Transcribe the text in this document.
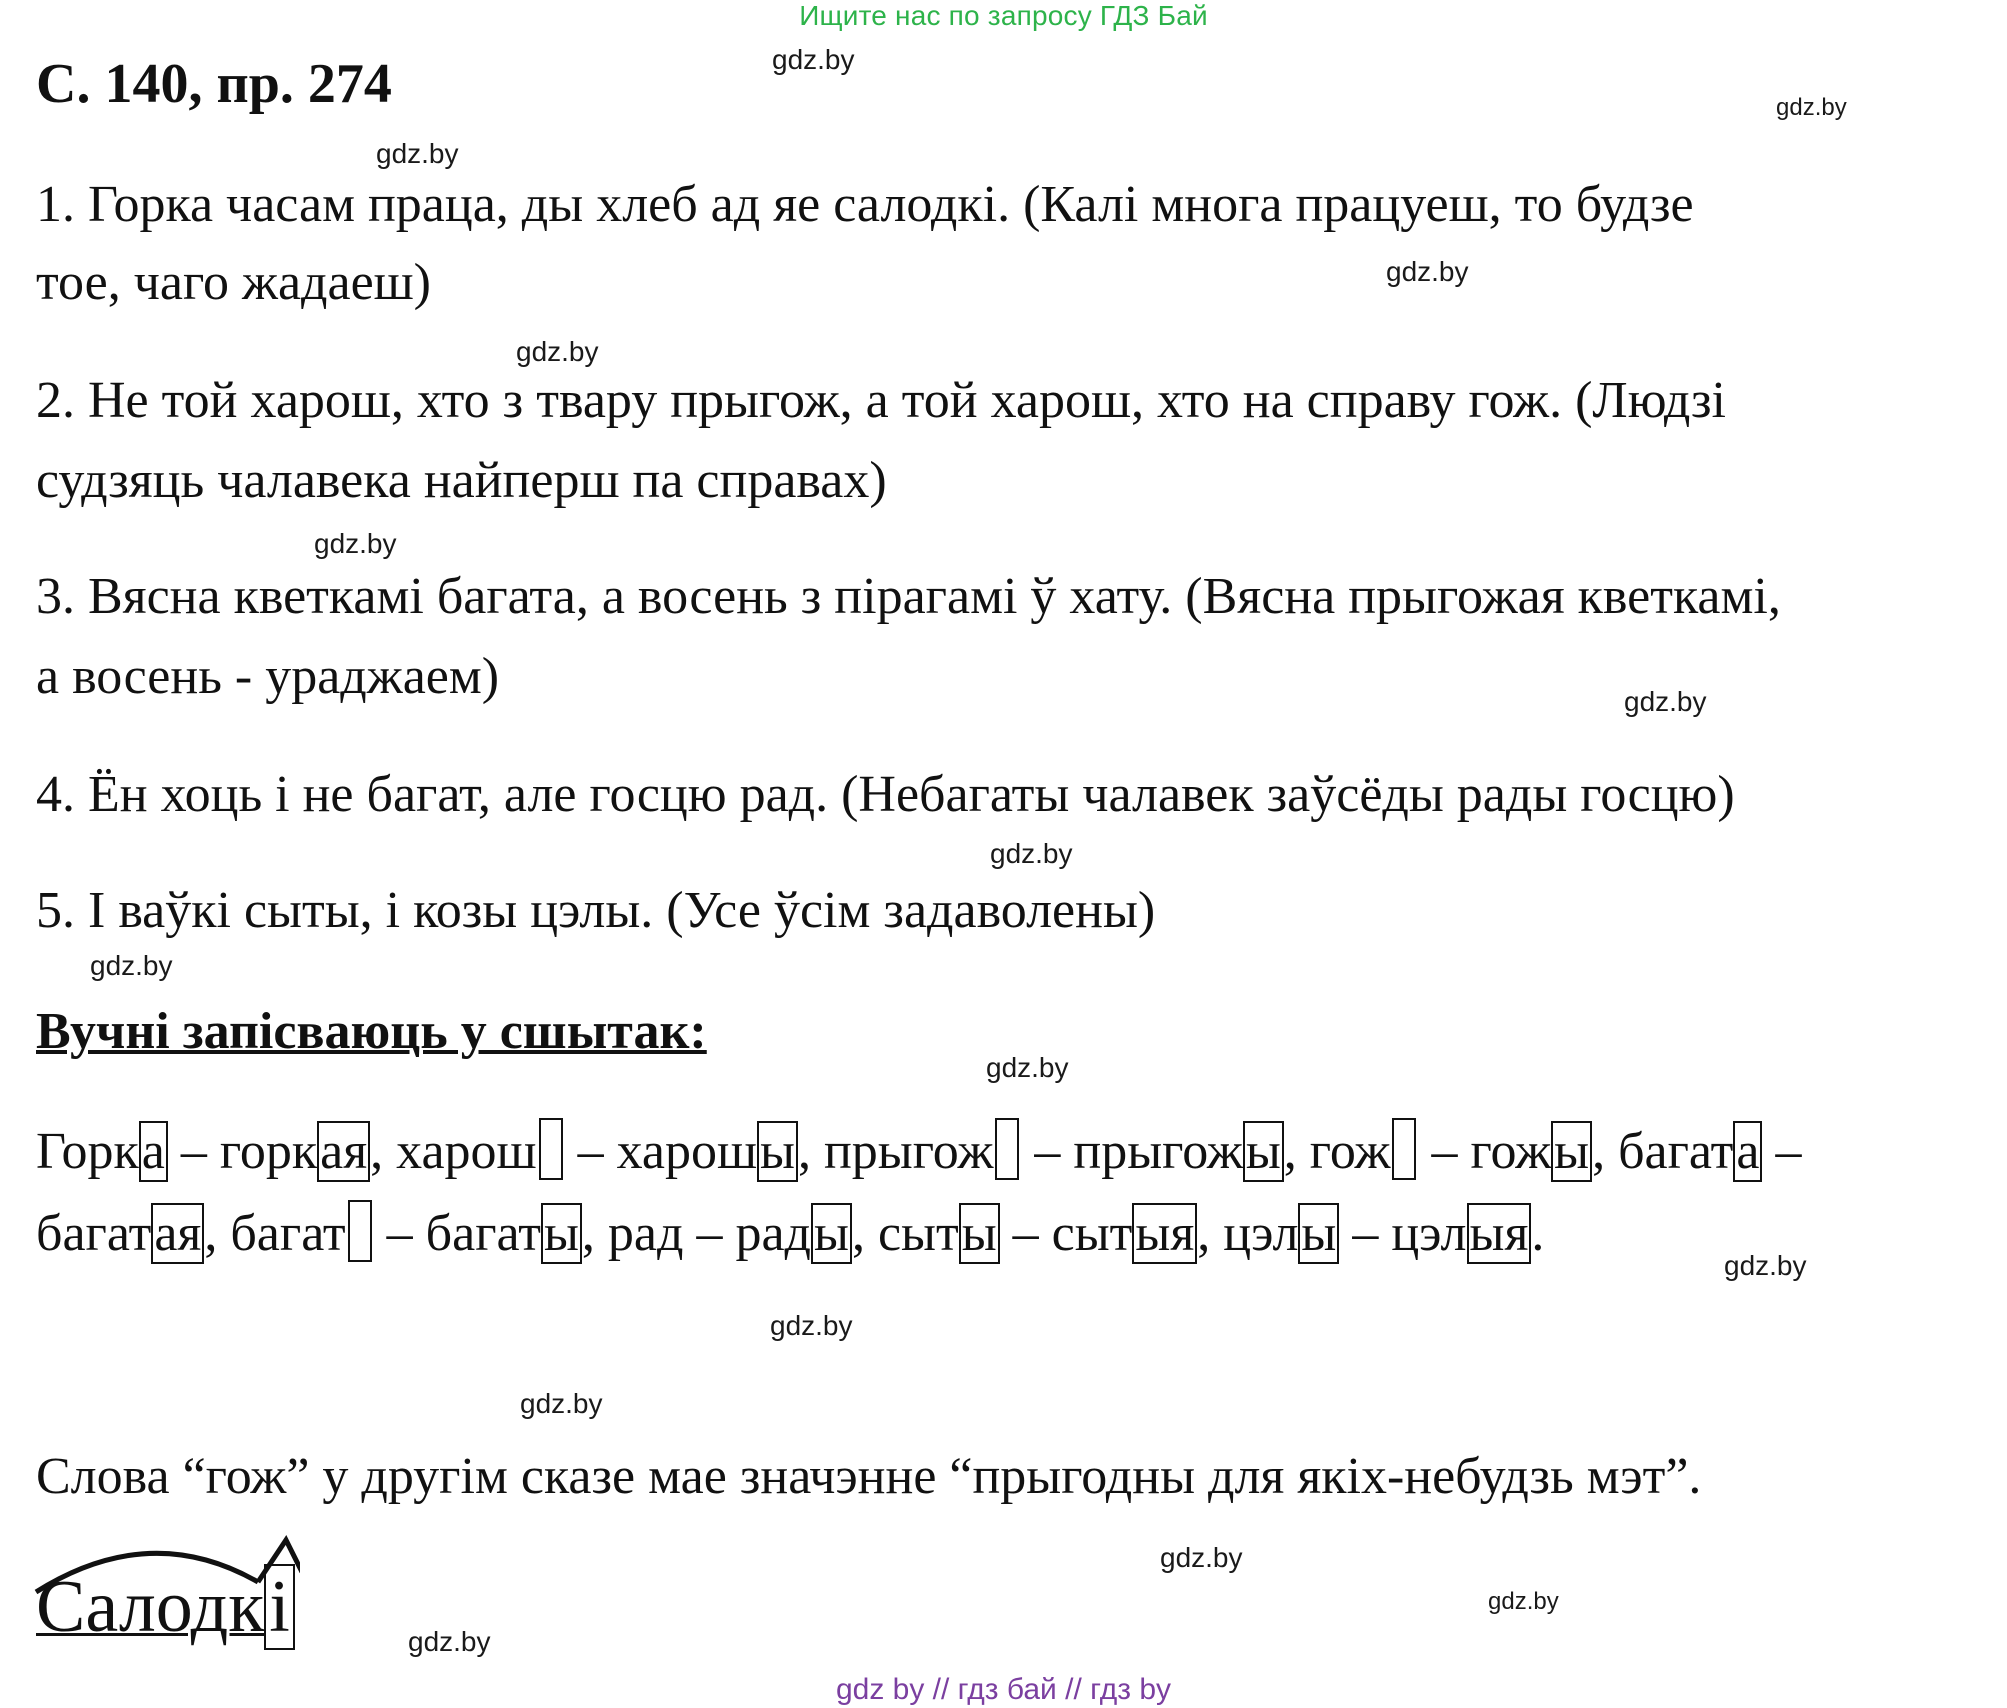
Ищите нас по запросу ГДЗ Бай
С. 140, пр. 274	gdz.by
gdz.by
gdz.by
gdz.by
gdz.by
gdz.by
gdz.by
gdz.by
gdz.by
gdz.by
gdz.by
gdz.by
gdz.by
gdz.by
gdz.by
gdz.by
1. Горка часам праца, ды хлеб ад яе салодкі. (Калі многа працуеш, то будзе
тое, чаго жадаеш)
2. Не той харош, хто з твару прыгож, а той харош, хто на справу гож. (Людзі
судзяць чалавека найперш па справах)
3. Вясна кветкамі багата, а восень з пірагамі ў хату. (Вясна прыгожая кветкамі,
а восень - ураджаем)
4. Ён хоць і не багат, але госцю рад. (Небагаты чалавек заўсёды рады госцю)
5. І ваўкі сыты, і козы цэлы. (Усе ўсім задаволены)
Вучні запісваюць у сшытак:
Горка – горкая, харош – харошы, прыгож – прыгожы, гож – гожы, багата –
багатая, багат – багаты, рад – рады, сыты – сытыя, цэлы – цэлыя.
Слова “гож” у другім сказе мае значэнне “прыгодны для якіх-небудзь мэт”.
Салодкі
gdz by // гдз бай // гдз by
